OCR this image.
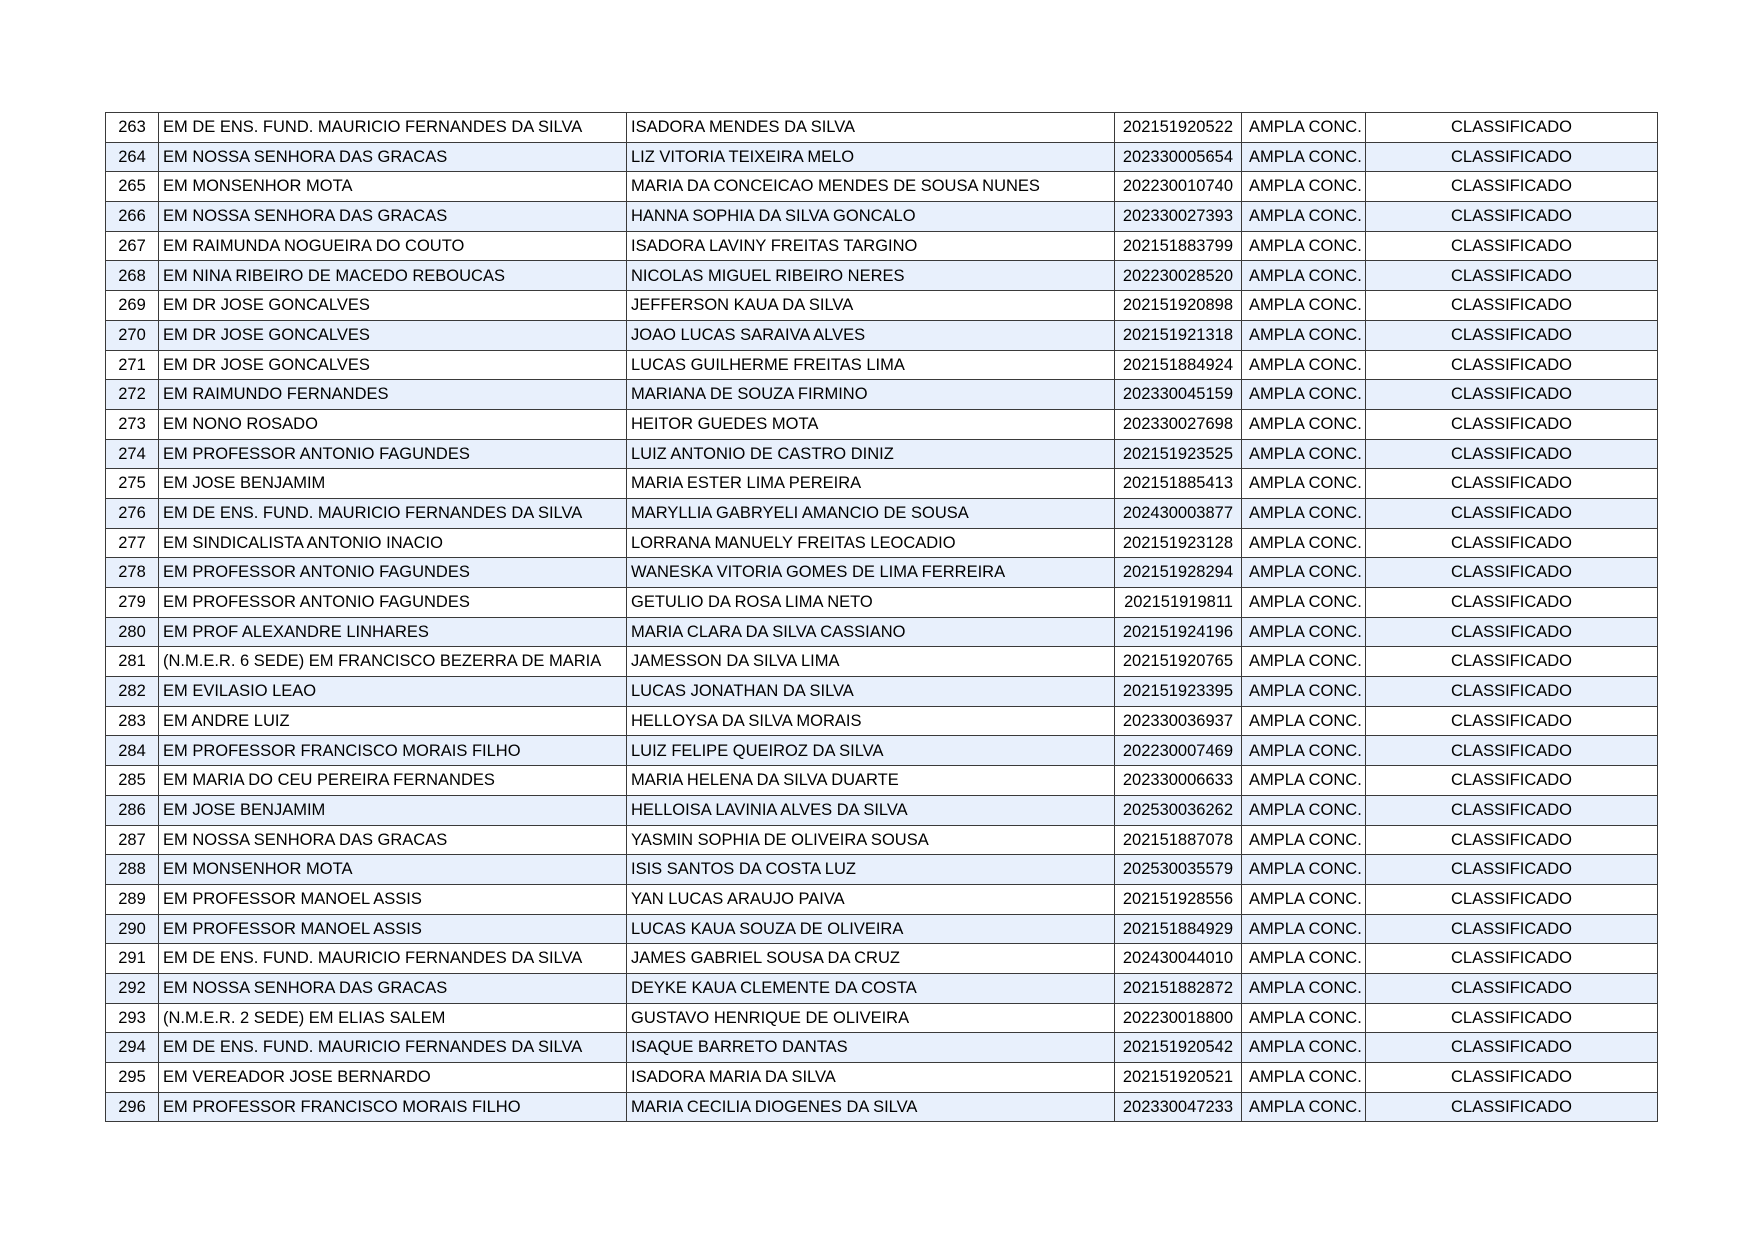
263	EM DE ENS. FUND. MAURICIO FERNANDES DA SILVA	ISADORA MENDES DA SILVA	202151920522	AMPLA CONC.	CLASSIFICADO
264	EM NOSSA SENHORA DAS GRACAS	LIZ VITORIA TEIXEIRA MELO	202330005654	AMPLA CONC.	CLASSIFICADO
265	EM MONSENHOR MOTA	MARIA DA CONCEICAO MENDES DE SOUSA NUNES	202230010740	AMPLA CONC.	CLASSIFICADO
266	EM NOSSA SENHORA DAS GRACAS	HANNA SOPHIA DA SILVA GONCALO	202330027393	AMPLA CONC.	CLASSIFICADO
267	EM RAIMUNDA NOGUEIRA DO COUTO	ISADORA LAVINY FREITAS TARGINO	202151883799	AMPLA CONC.	CLASSIFICADO
268	EM NINA RIBEIRO DE MACEDO REBOUCAS	NICOLAS MIGUEL RIBEIRO NERES	202230028520	AMPLA CONC.	CLASSIFICADO
269	EM DR JOSE GONCALVES	JEFFERSON KAUA DA SILVA	202151920898	AMPLA CONC.	CLASSIFICADO
270	EM DR JOSE GONCALVES	JOAO LUCAS SARAIVA ALVES	202151921318	AMPLA CONC.	CLASSIFICADO
271	EM DR JOSE GONCALVES	LUCAS GUILHERME FREITAS LIMA	202151884924	AMPLA CONC.	CLASSIFICADO
272	EM RAIMUNDO FERNANDES	MARIANA DE SOUZA FIRMINO	202330045159	AMPLA CONC.	CLASSIFICADO
273	EM NONO ROSADO	HEITOR GUEDES MOTA	202330027698	AMPLA CONC.	CLASSIFICADO
274	EM PROFESSOR ANTONIO FAGUNDES	LUIZ ANTONIO DE CASTRO DINIZ	202151923525	AMPLA CONC.	CLASSIFICADO
275	EM JOSE BENJAMIM	MARIA ESTER LIMA PEREIRA	202151885413	AMPLA CONC.	CLASSIFICADO
276	EM DE ENS. FUND. MAURICIO FERNANDES DA SILVA	MARYLLIA GABRYELI AMANCIO DE SOUSA	202430003877	AMPLA CONC.	CLASSIFICADO
277	EM SINDICALISTA ANTONIO INACIO	LORRANA MANUELY FREITAS LEOCADIO	202151923128	AMPLA CONC.	CLASSIFICADO
278	EM PROFESSOR ANTONIO FAGUNDES	WANESKA VITORIA GOMES DE LIMA FERREIRA	202151928294	AMPLA CONC.	CLASSIFICADO
279	EM PROFESSOR ANTONIO FAGUNDES	GETULIO DA ROSA LIMA NETO	202151919811	AMPLA CONC.	CLASSIFICADO
280	EM PROF ALEXANDRE LINHARES	MARIA CLARA DA SILVA CASSIANO	202151924196	AMPLA CONC.	CLASSIFICADO
281	(N.M.E.R. 6 SEDE) EM FRANCISCO BEZERRA DE MARIA	JAMESSON DA SILVA LIMA	202151920765	AMPLA CONC.	CLASSIFICADO
282	EM EVILASIO LEAO	LUCAS JONATHAN DA SILVA	202151923395	AMPLA CONC.	CLASSIFICADO
283	EM ANDRE LUIZ	HELLOYSA DA SILVA MORAIS	202330036937	AMPLA CONC.	CLASSIFICADO
284	EM PROFESSOR FRANCISCO MORAIS FILHO	LUIZ FELIPE QUEIROZ DA SILVA	202230007469	AMPLA CONC.	CLASSIFICADO
285	EM MARIA DO CEU PEREIRA FERNANDES	MARIA HELENA DA SILVA DUARTE	202330006633	AMPLA CONC.	CLASSIFICADO
286	EM JOSE BENJAMIM	HELLOISA LAVINIA ALVES DA SILVA	202530036262	AMPLA CONC.	CLASSIFICADO
287	EM NOSSA SENHORA DAS GRACAS	YASMIN SOPHIA DE OLIVEIRA SOUSA	202151887078	AMPLA CONC.	CLASSIFICADO
288	EM MONSENHOR MOTA	ISIS SANTOS DA COSTA LUZ	202530035579	AMPLA CONC.	CLASSIFICADO
289	EM PROFESSOR MANOEL ASSIS	YAN LUCAS ARAUJO PAIVA	202151928556	AMPLA CONC.	CLASSIFICADO
290	EM PROFESSOR MANOEL ASSIS	LUCAS KAUA SOUZA DE OLIVEIRA	202151884929	AMPLA CONC.	CLASSIFICADO
291	EM DE ENS. FUND. MAURICIO FERNANDES DA SILVA	JAMES GABRIEL SOUSA DA CRUZ	202430044010	AMPLA CONC.	CLASSIFICADO
292	EM NOSSA SENHORA DAS GRACAS	DEYKE KAUA CLEMENTE DA COSTA	202151882872	AMPLA CONC.	CLASSIFICADO
293	(N.M.E.R. 2 SEDE) EM ELIAS SALEM	GUSTAVO HENRIQUE DE OLIVEIRA	202230018800	AMPLA CONC.	CLASSIFICADO
294	EM DE ENS. FUND. MAURICIO FERNANDES DA SILVA	ISAQUE BARRETO DANTAS	202151920542	AMPLA CONC.	CLASSIFICADO
295	EM VEREADOR JOSE BERNARDO	ISADORA MARIA DA SILVA	202151920521	AMPLA CONC.	CLASSIFICADO
296	EM PROFESSOR FRANCISCO MORAIS FILHO	MARIA CECILIA DIOGENES DA SILVA	202330047233	AMPLA CONC.	CLASSIFICADO
